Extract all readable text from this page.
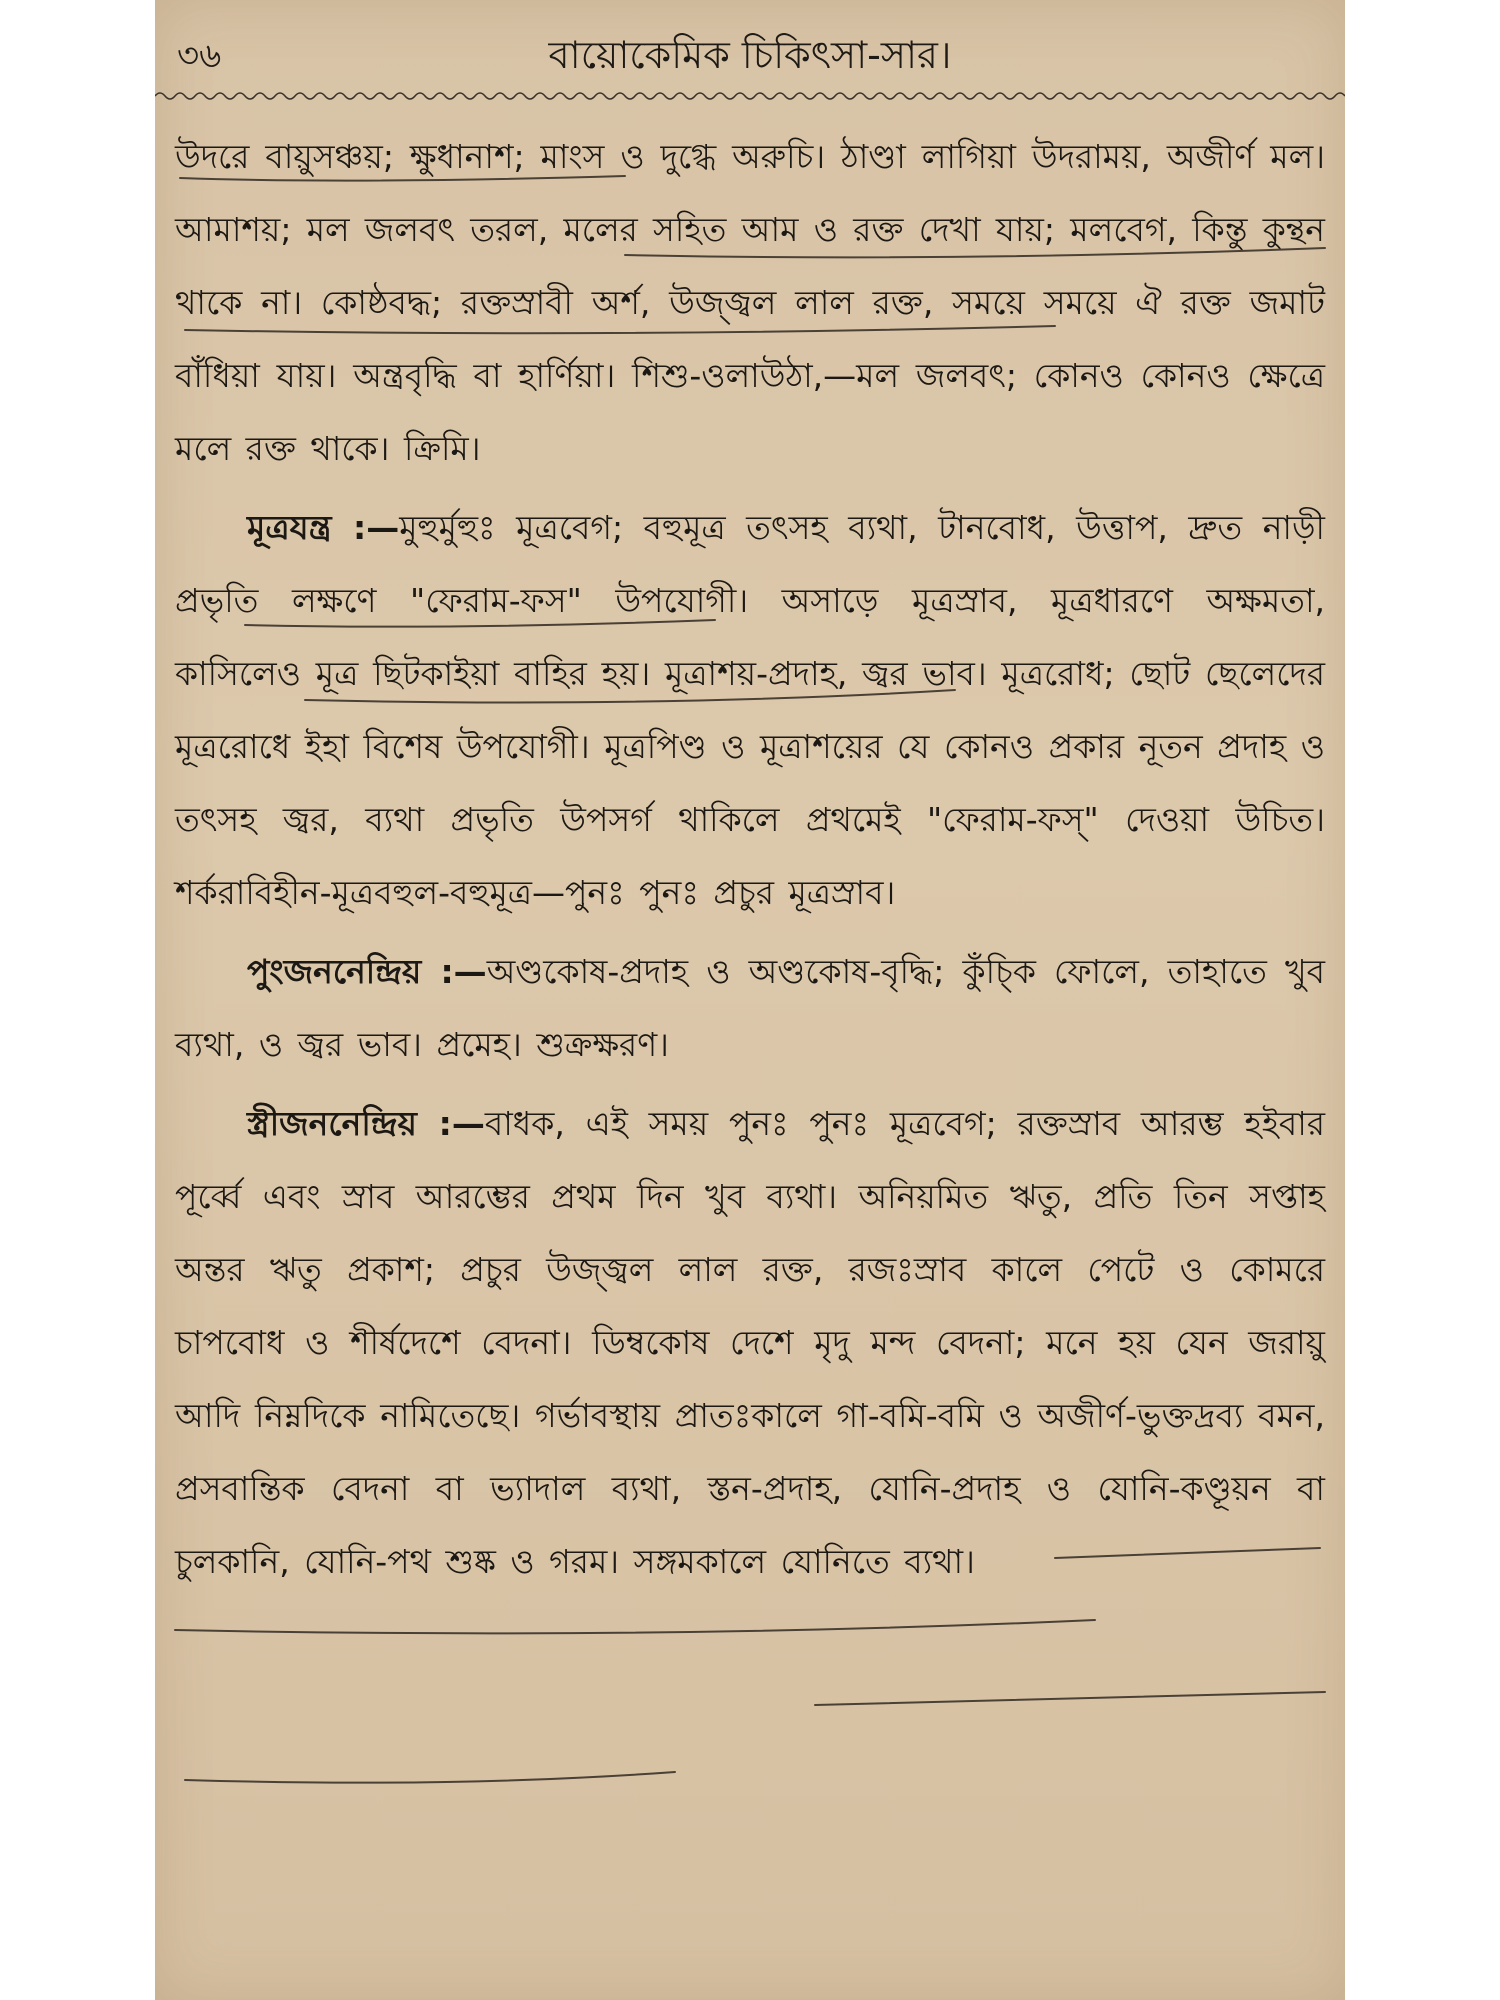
৩৬	বায়োকেমিক চিকিৎসা-সার।

উদরে বায়ুসঞ্চয়; ক্ষুধানাশ; মাংস ও দুগ্ধে অরুচি। ঠাণ্ডা লাগিয়া উদরাময়, অজীর্ণ মল। আমাশয়; মল জলবৎ তরল, মলের সহিত আম ও রক্ত দেখা যায়; মলবেগ, কিন্তু কুন্থন থাকে না। কোষ্ঠবদ্ধ; রক্তস্রাবী অর্শ, উজ্জ্বল লাল রক্ত, সময়ে সময়ে ঐ রক্ত জমাট বাঁধিয়া যায়। অন্ত্রবৃদ্ধি বা হার্ণিয়া। শিশু-ওলাউঠা,—মল জলবৎ; কোনও কোনও ক্ষেত্রে মলে রক্ত থাকে। ক্রিমি।

মূত্রযন্ত্র :—মুহুর্মুহুঃ মূত্রবেগ; বহুমূত্র তৎসহ ব্যথা, টানবোধ, উত্তাপ, দ্রুত নাড়ী প্রভৃতি লক্ষণে "ফেরাম-ফস" উপযোগী। অসাড়ে মূত্রস্রাব, মূত্রধারণে অক্ষমতা, কাসিলেও মূত্র ছিটকাইয়া বাহির হয়। মূত্রাশয়-প্রদাহ, জ্বর ভাব। মূত্ররোধ; ছোট ছেলেদের মূত্ররোধে ইহা বিশেষ উপযোগী। মূত্রপিণ্ড ও মূত্রাশয়ের যে কোনও প্রকার নূতন প্রদাহ ও তৎসহ জ্বর, ব্যথা প্রভৃতি উপসর্গ থাকিলে প্রথমেই "ফেরাম-ফস্" দেওয়া উচিত। শর্করাবিহীন-মূত্রবহুল-বহুমূত্র—পুনঃ পুনঃ প্রচুর মূত্রস্রাব।

পুংজননেন্দ্রিয় :—অণ্ডকোষ-প্রদাহ ও অণ্ডকোষ-বৃদ্ধি; কুঁচ্কি ফোলে, তাহাতে খুব ব্যথা, ও জ্বর ভাব। প্রমেহ। শুক্রক্ষরণ।

স্ত্রীজননেন্দ্রিয় :—বাধক, এই সময় পুনঃ পুনঃ মূত্রবেগ; রক্তস্রাব আরম্ভ হইবার পূর্ব্বে এবং স্রাব আরম্ভের প্রথম দিন খুব ব্যথা। অনিয়মিত ঋতু, প্রতি তিন সপ্তাহ অন্তর ঋতু প্রকাশ; প্রচুর উজ্জ্বল লাল রক্ত, রজঃস্রাব কালে পেটে ও কোমরে চাপবোধ ও শীর্ষদেশে বেদনা। ডিম্বকোষ দেশে মৃদু মন্দ বেদনা; মনে হয় যেন জরায়ু আদি নিম্নদিকে নামিতেছে। গর্ভাবস্থায় প্রাতঃকালে গা-বমি-বমি ও অজীর্ণ-ভুক্তদ্রব্য বমন, প্রসবান্তিক বেদনা বা ভ্যাদাল ব্যথা, স্তন-প্রদাহ, যোনি-প্রদাহ ও যোনি-কণ্ডূয়ন বা চুলকানি, যোনি-পথ শুষ্ক ও গরম। সঙ্গমকালে যোনিতে ব্যথা।
